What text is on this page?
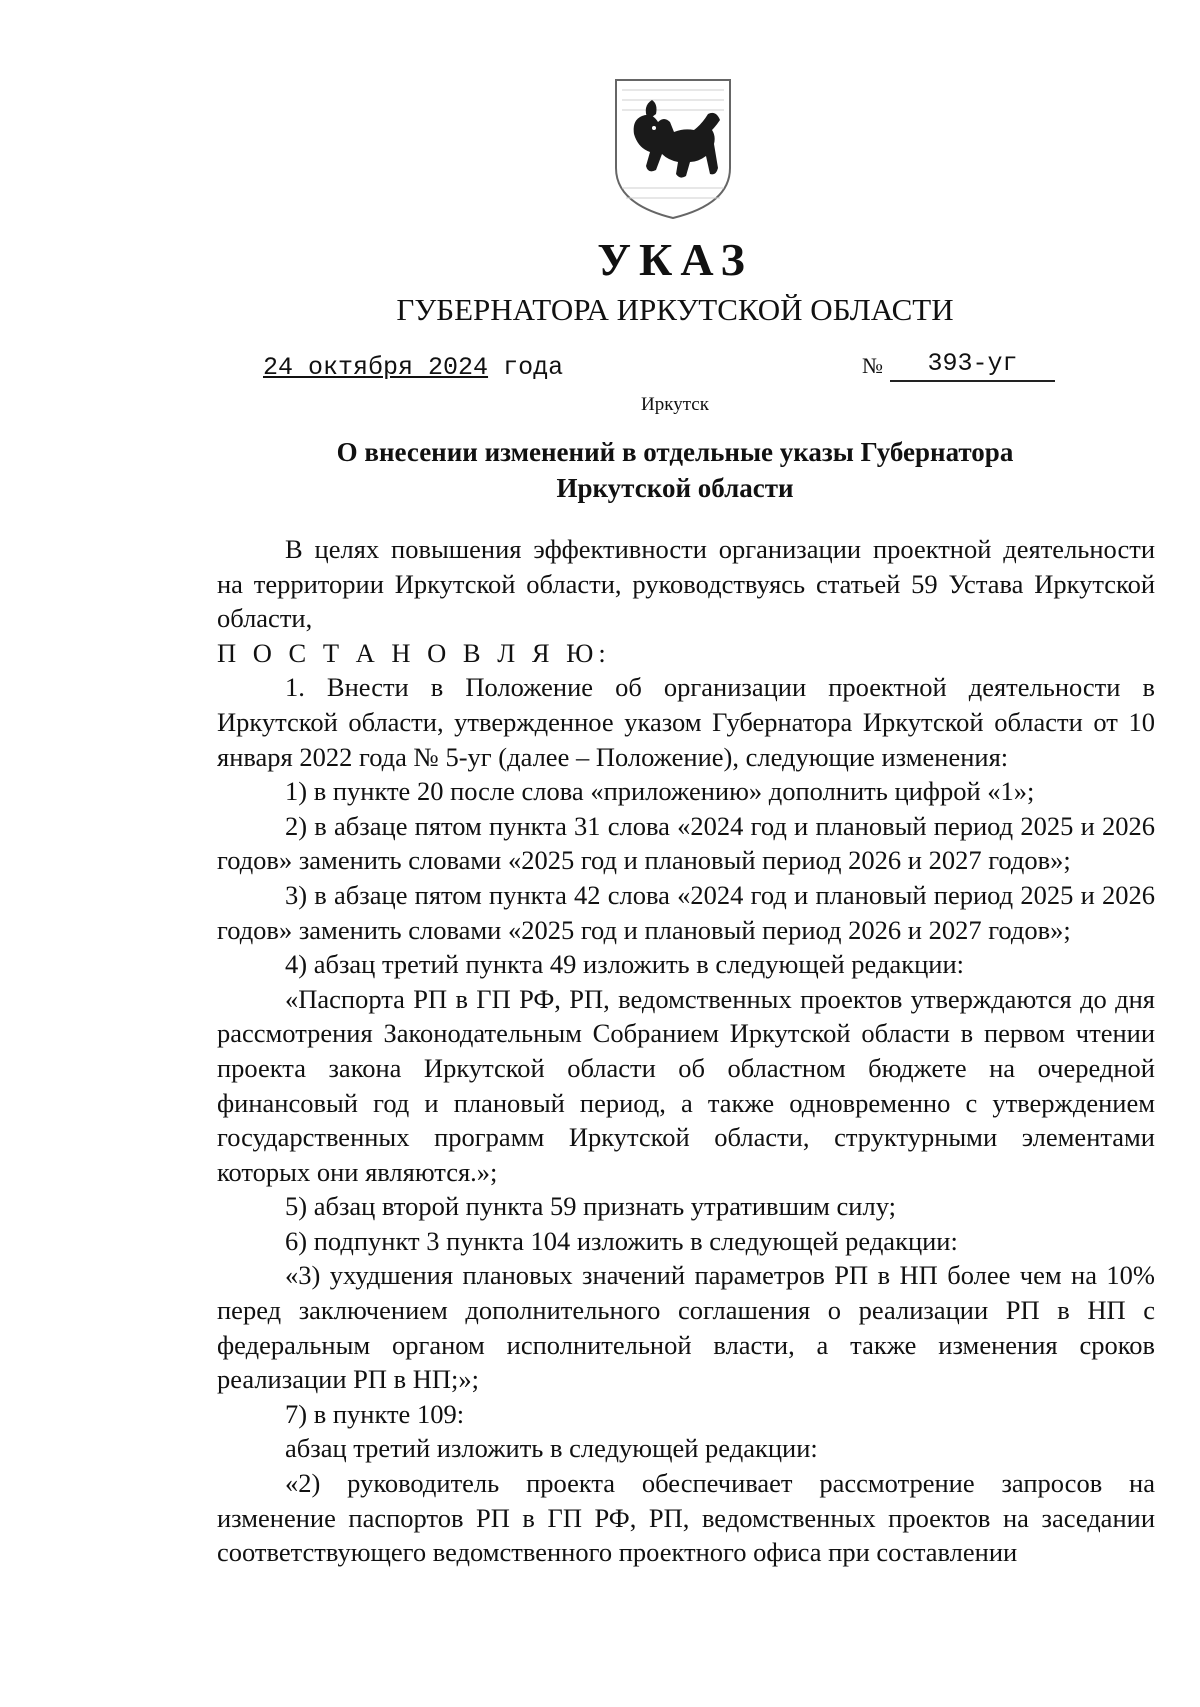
УКАЗ
ГУБЕРНАТОРА ИРКУТСКОЙ ОБЛАСТИ
24 октября 2024 года	№	393-уг
Иркутск
О внесении изменений в отдельные указы Губернатора
Иркутской области

В целях повышения эффективности организации проектной деятельности на территории Иркутской области, руководствуясь статьей 59 Устава Иркутской области,

П О С Т А Н О В Л Я Ю:

1. Внести в Положение об организации проектной деятельности в Иркутской области, утвержденное указом Губернатора Иркутской области от 10 января 2022 года № 5-уг (далее – Положение), следующие изменения:

1) в пункте 20 после слова «приложению» дополнить цифрой «1»;

2) в абзаце пятом пункта 31 слова «2024 год и плановый период 2025 и 2026 годов» заменить словами «2025 год и плановый период 2026 и 2027 годов»;

3) в абзаце пятом пункта 42 слова «2024 год и плановый период 2025 и 2026 годов» заменить словами «2025 год и плановый период 2026 и 2027 годов»;

4) абзац третий пункта 49 изложить в следующей редакции:

«Паспорта РП в ГП РФ, РП, ведомственных проектов утверждаются до дня рассмотрения Законодательным Собранием Иркутской области в первом чтении проекта закона Иркутской области об областном бюджете на очередной финансовый год и плановый период, а также одновременно с утверждением государственных программ Иркутской области, структурными элементами которых они являются.»;

5) абзац второй пункта 59 признать утратившим силу;

6) подпункт 3 пункта 104 изложить в следующей редакции:

«3) ухудшения плановых значений параметров РП в НП более чем на 10% перед заключением дополнительного соглашения о реализации РП в НП с федеральным органом исполнительной власти, а также изменения сроков реализации РП в НП;»;

7) в пункте 109:

абзац третий изложить в следующей редакции:

«2) руководитель проекта обеспечивает рассмотрение запросов на изменение паспортов РП в ГП РФ, РП, ведомственных проектов на заседании соответствующего ведомственного проектного офиса при составлении
